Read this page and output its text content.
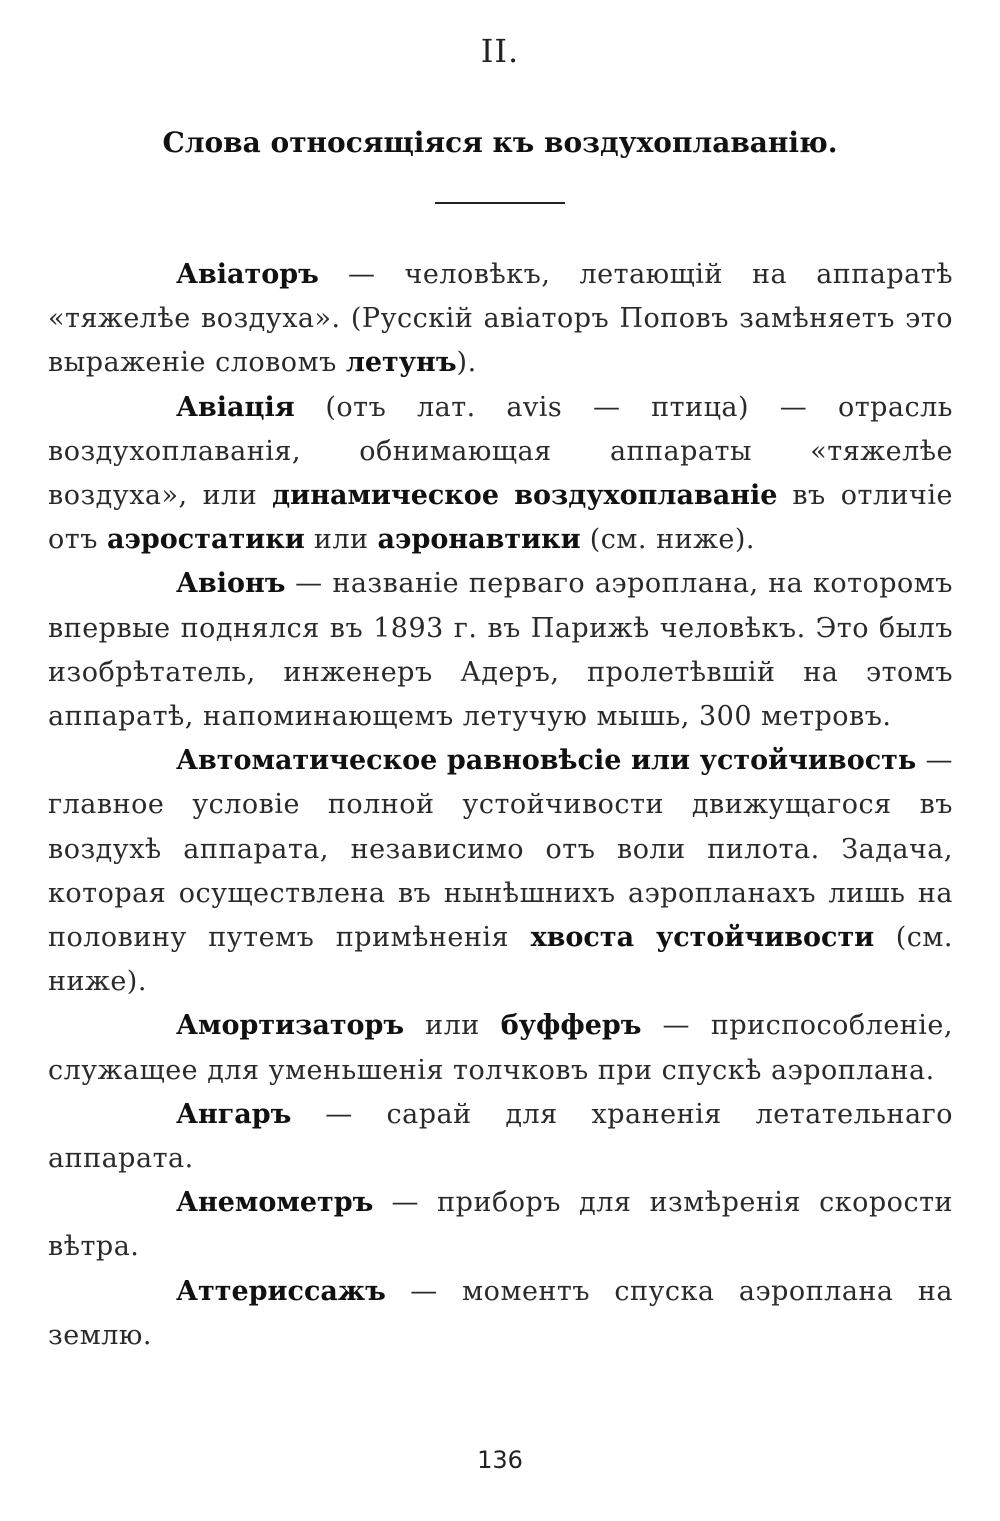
II.
Слова относящіяся къ воздухоплаванію.

Авіаторъ — человѣкъ, летающій на аппаратѣ «тяжелѣе воздуха». (Русскій авіаторъ Поповъ замѣняетъ это выраженіе словомъ летунъ).

Авіація (отъ лат. avis — птица) — отрасль воздухоплаванія, обнимающая аппараты «тяжелѣе воздуха», или динамическое воздухоплаваніе въ отличіе отъ аэростатики или аэронавтики (см. ниже).

Авіонъ — названіе перваго аэроплана, на которомъ впервые поднялся въ 1893 г. въ Парижѣ человѣкъ. Это былъ изобрѣтатель, инженеръ Адеръ, пролетѣвшій на этомъ аппаратѣ, напоминающемъ летучую мышь, 300 метровъ.

Автоматическое равновѣсіе или устойчивость — главное условіе полной устойчивости движущагося въ воздухѣ аппарата, независимо отъ воли пилота. Задача, которая осуществлена въ нынѣшнихъ аэропланахъ лишь на половину путемъ примѣненія хвоста устойчивости (см. ниже).

Амортизаторъ или буфферъ — приспособленіе, служащее для уменьшенія толчковъ при спускѣ аэроплана.

Ангаръ — сарай для храненія летательнаго аппарата.

Анемометръ — приборъ для измѣренія скорости вѣтра.

Аттериссажъ — моментъ спуска аэроплана на землю.

136
